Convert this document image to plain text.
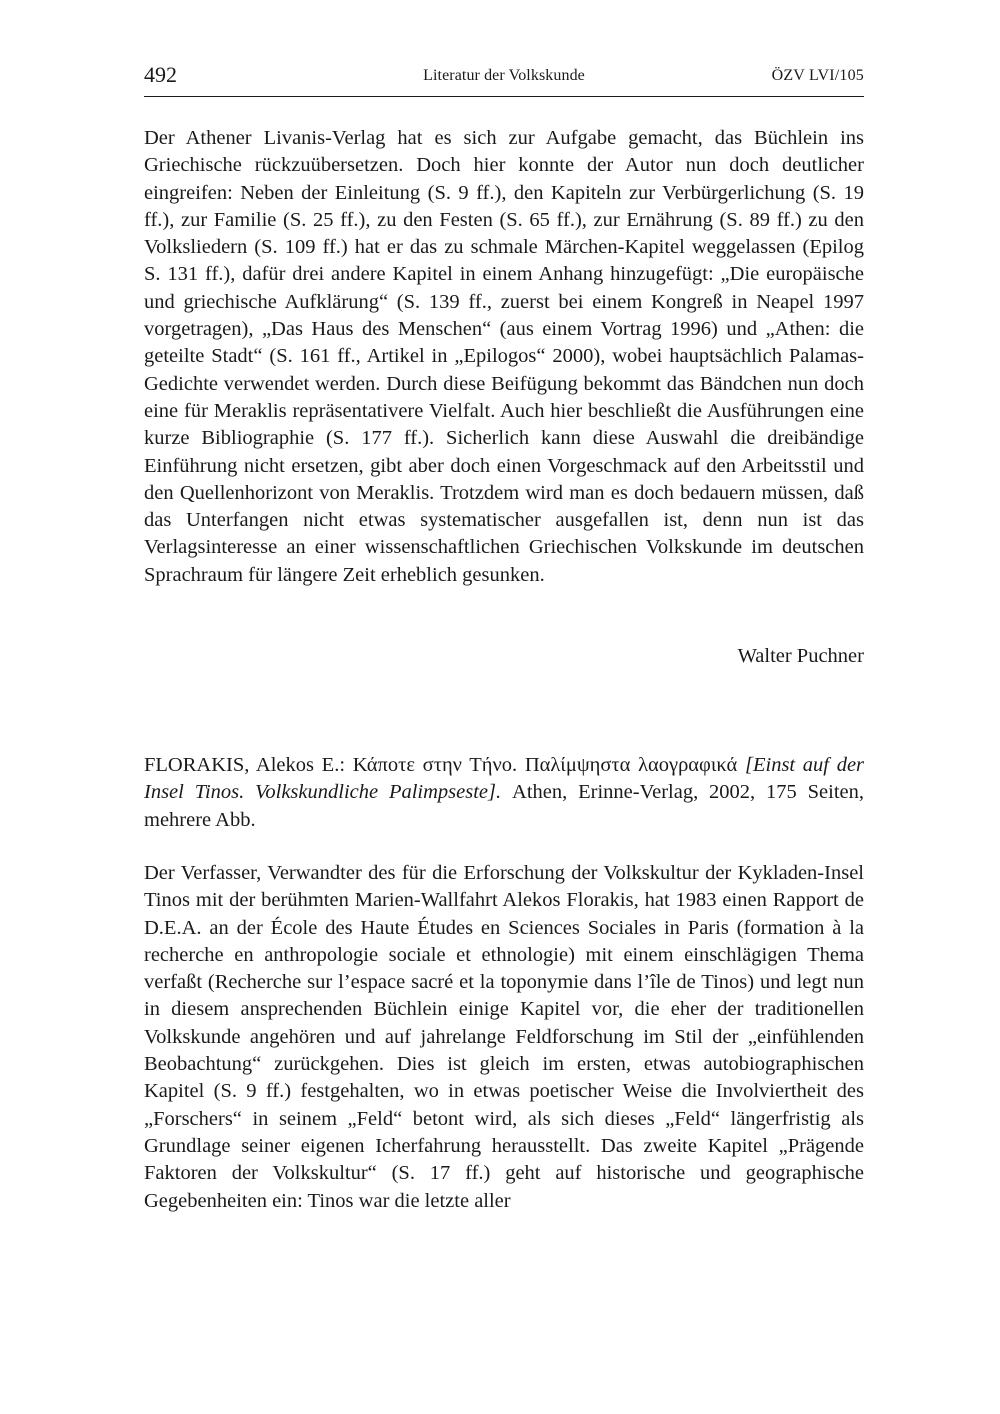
492	Literatur der Volkskunde	ÖZV LVI/105

Der Athener Livanis-Verlag hat es sich zur Aufgabe gemacht, das Büchlein ins Griechische rückzuübersetzen. Doch hier konnte der Autor nun doch deutlicher eingreifen: Neben der Einleitung (S. 9 ff.), den Kapiteln zur Verbürgerlichung (S. 19 ff.), zur Familie (S. 25 ff.), zu den Festen (S. 65 ff.), zur Ernährung (S. 89 ff.) zu den Volksliedern (S. 109 ff.) hat er das zu schmale Märchen-Kapitel weggelassen (Epilog S. 131 ff.), dafür drei andere Kapitel in einem Anhang hinzugefügt: „Die europäische und griechische Aufklärung“ (S. 139 ff., zuerst bei einem Kongreß in Neapel 1997 vorgetragen), „Das Haus des Menschen“ (aus einem Vortrag 1996) und „Athen: die geteilte Stadt“ (S. 161 ff., Artikel in „Epilogos“ 2000), wobei hauptsächlich Palamas-Gedichte verwendet werden. Durch diese Beifügung bekommt das Bändchen nun doch eine für Meraklis repräsentativere Vielfalt. Auch hier beschließt die Ausführungen eine kurze Bibliographie (S. 177 ff.). Sicherlich kann diese Auswahl die dreibändige Einführung nicht ersetzen, gibt aber doch einen Vorgeschmack auf den Arbeitsstil und den Quellenhorizont von Meraklis. Trotzdem wird man es doch bedauern müssen, daß das Unterfangen nicht etwas systematischer ausgefallen ist, denn nun ist das Verlagsinteresse an einer wissenschaftlichen Griechischen Volkskunde im deutschen Sprachraum für längere Zeit erheblich gesunken.

Walter Puchner

FLORAKIS, Alekos E.: Κάποτε στην Τήνο. Παλίμψηστα λαογραφικά [Einst auf der Insel Tinos. Volkskundliche Palimpseste]. Athen, Erinne-Verlag, 2002, 175 Seiten, mehrere Abb.

Der Verfasser, Verwandter des für die Erforschung der Volkskultur der Kykladen-Insel Tinos mit der berühmten Marien-Wallfahrt Alekos Florakis, hat 1983 einen Rapport de D.E.A. an der École des Haute Études en Sciences Sociales in Paris (formation à la recherche en anthropologie sociale et ethnologie) mit einem einschlägigen Thema verfaßt (Recherche sur l’espace sacré et la toponymie dans l’île de Tinos) und legt nun in diesem ansprechenden Büchlein einige Kapitel vor, die eher der traditionellen Volkskunde angehören und auf jahrelange Feldforschung im Stil der „einfühlenden Beobachtung“ zurückgehen. Dies ist gleich im ersten, etwas autobiographischen Kapitel (S. 9 ff.) festgehalten, wo in etwas poetischer Weise die Involviertheit des „Forschers“ in seinem „Feld“ betont wird, als sich dieses „Feld“ längerfristig als Grundlage seiner eigenen Icherfahrung herausstellt. Das zweite Kapitel „Prägende Faktoren der Volkskultur“ (S. 17 ff.) geht auf historische und geographische Gegebenheiten ein: Tinos war die letzte aller
